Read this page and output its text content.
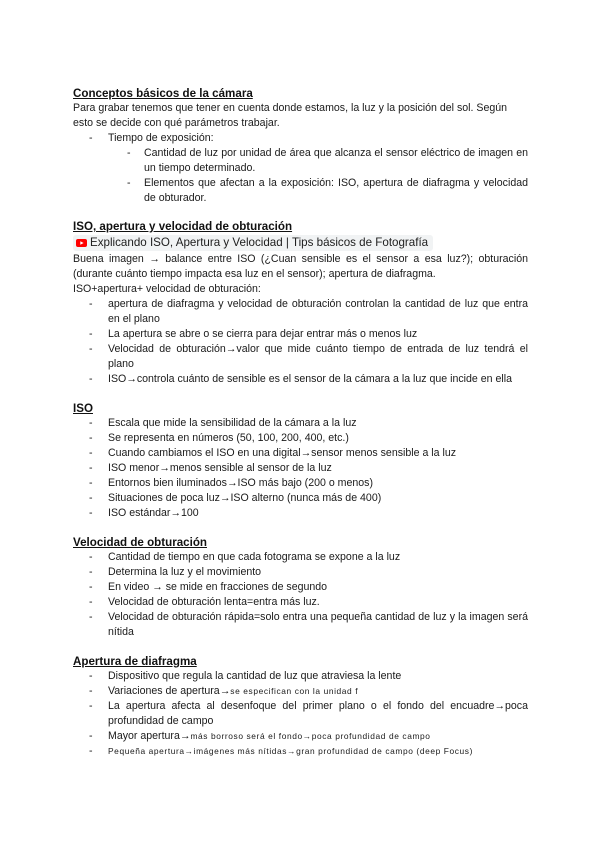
Conceptos básicos de la cámara

Para grabar tenemos que tener en cuenta donde estamos, la luz y la posición del sol. Según esto se decide con qué parámetros trabajar.

- Tiempo de exposición:
- Cantidad de luz por unidad de área que alcanza el sensor eléctrico de imagen en un tiempo determinado.
- Elementos que afectan a la exposición: ISO, apertura de diafragma y velocidad de obturador.
ISO, apertura y velocidad de obturación
Explicando ISO, Apertura y Velocidad | Tips básicos de Fotografía

Buena imagen → balance entre ISO (¿Cuan sensible es el sensor a esa luz?); obturación (durante cuánto tiempo impacta esa luz en el sensor); apertura de diafragma.

ISO+apertura+ velocidad de obturación:

- apertura de diafragma y velocidad de obturación controlan la cantidad de luz que entra en el plano
- La apertura se abre o se cierra para dejar entrar más o menos luz
- Velocidad de obturación→valor que mide cuánto tiempo de entrada de luz tendrá el plano
- ISO→controla cuánto de sensible es el sensor de la cámara a la luz que incide en ella
ISO
- Escala que mide la sensibilidad de la cámara a la luz
- Se representa en números (50, 100, 200, 400, etc.)
- Cuando cambiamos el ISO en una digital→sensor menos sensible a la luz
- ISO menor→menos sensible al sensor de la luz
- Entornos bien iluminados→ISO más bajo (200 o menos)
- Situaciones de poca luz→ISO alterno (nunca más de 400)
- ISO estándar→100
Velocidad de obturación
- Cantidad de tiempo en que cada fotograma se expone a la luz
- Determina la luz y el movimiento
- En video → se mide en fracciones de segundo
- Velocidad de obturación lenta=entra más luz.
- Velocidad de obturación rápida=solo entra una pequeña cantidad de luz y la imagen será nítida
Apertura de diafragma
- Dispositivo que regula la cantidad de luz que atraviesa la lente
- Variaciones de apertura→se especifican con la unidad f
- La apertura afecta al desenfoque del primer plano o el fondo del encuadre→poca profundidad de campo
- Mayor apertura→más borroso será el fondo→poca profundidad de campo
- Pequeña apertura→imágenes más nítidas→gran profundidad de campo (deep Focus)
